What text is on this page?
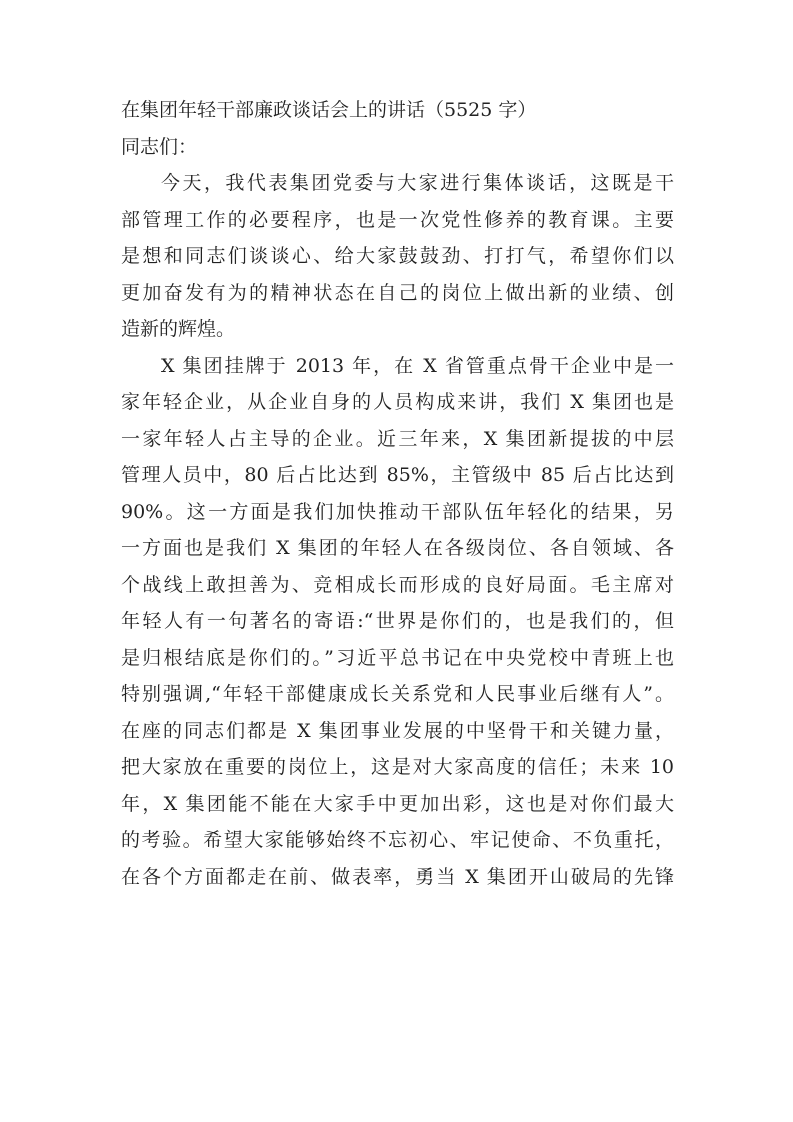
在集团年轻干部廉政谈话会上的讲话（5525 字）

同志们：

今天，我代表集团党委与大家进行集体谈话，这既是干

部管理工作的必要程序，也是一次党性修养的教育课。主要

是想和同志们谈谈心、给大家鼓鼓劲、打打气，希望你们以

更加奋发有为的精神状态在自己的岗位上做出新的业绩、创

造新的辉煌。

X 集团挂牌于 2013 年，在 X 省管重点骨干企业中是一

家年轻企业，从企业自身的人员构成来讲，我们 X 集团也是

一家年轻人占主导的企业。近三年来，X 集团新提拔的中层

管理人员中，80 后占比达到 85%，主管级中 85 后占比达到

90%。这一方面是我们加快推动干部队伍年轻化的结果，另

一方面也是我们 X 集团的年轻人在各级岗位、各自领域、各

个战线上敢担善为、竞相成长而形成的良好局面。毛主席对

年轻人有一句著名的寄语:“世界是你们的，也是我们的，但

是归根结底是你们的。”习近平总书记在中央党校中青班上也

特别强调,“年轻干部健康成长关系党和人民事业后继有人”。

在座的同志们都是 X 集团事业发展的中坚骨干和关键力量，

把大家放在重要的岗位上，这是对大家高度的信任；未来 10

年，X 集团能不能在大家手中更加出彩，这也是对你们最大

的考验。希望大家能够始终不忘初心、牢记使命、不负重托，

在各个方面都走在前、做表率，勇当 X 集团开山破局的先锋
